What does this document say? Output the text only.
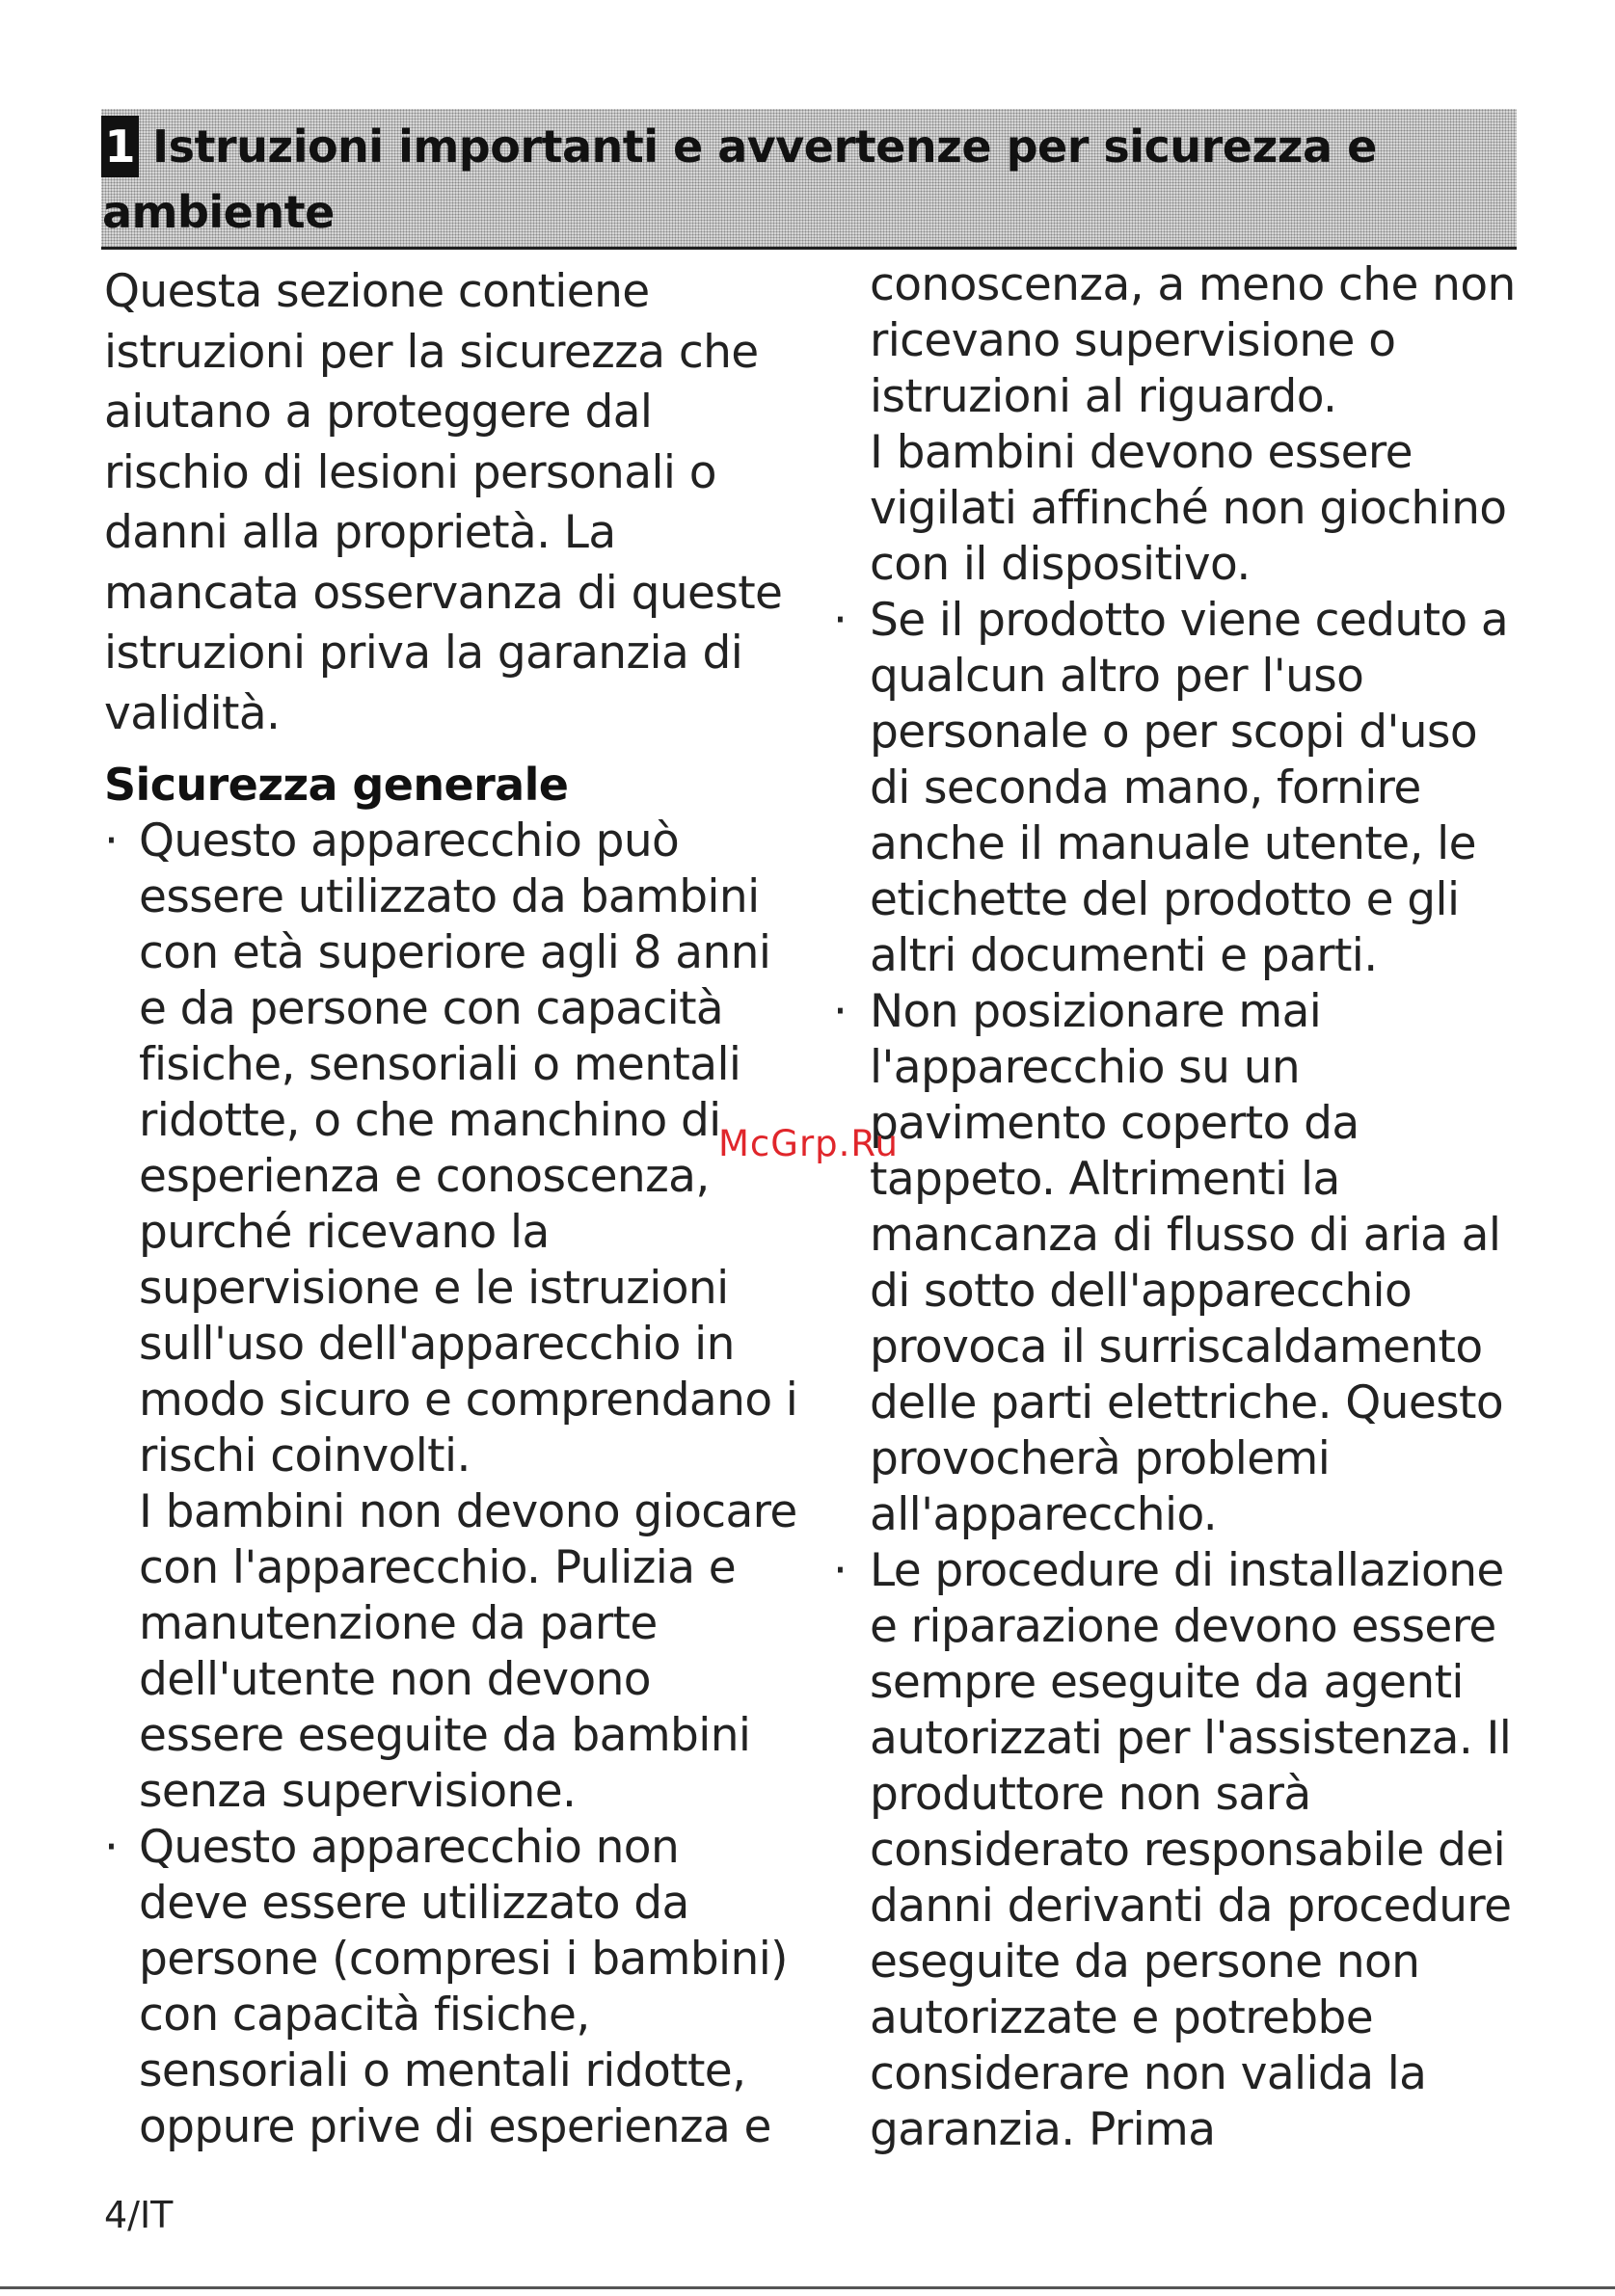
1 Istruzioni importanti e avvertenze per sicurezza e ambiente

Questa sezione contiene istruzioni per la sicurezza che aiutano a proteggere dal rischio di lesioni personali o danni alla proprietà. La mancata osservanza di queste istruzioni priva la garanzia di validità.

Sicurezza generale
· Questo apparecchio può essere utilizzato da bambini con età superiore agli 8 anni e da persone con capacità fisiche, sensoriali o mentali ridotte, o che manchino di esperienza e conoscenza, purché ricevano la supervisione e le istruzioni sull'uso dell'apparecchio in modo sicuro e comprendano i rischi coinvolti.

I bambini non devono giocare con l'apparecchio. Pulizia e manutenzione da parte dell'utente non devono essere eseguite da bambini senza supervisione.

· Questo apparecchio non deve essere utilizzato da persone (compresi i bambini) con capacità fisiche, sensoriali o mentali ridotte, oppure prive di esperienza e

conoscenza, a meno che non ricevano supervisione o istruzioni al riguardo.

I bambini devono essere vigilati affinché non giochino con il dispositivo.

· Se il prodotto viene ceduto a qualcun altro per l'uso personale o per scopi d'uso di seconda mano, fornire anche il manuale utente, le etichette del prodotto e gli altri documenti e parti.

· Non posizionare mai l'apparecchio su un pavimento coperto da tappeto. Altrimenti la mancanza di flusso di aria al di sotto dell'apparecchio provoca il surriscaldamento delle parti elettriche. Questo provocherà problemi all'apparecchio.

· Le procedure di installazione e riparazione devono essere sempre eseguite da agenti autorizzati per l'assistenza. Il produttore non sarà considerato responsabile dei danni derivanti da procedure eseguite da persone non autorizzate e potrebbe considerare non valida la garanzia. Prima

McGrp.Ru
4/IT
